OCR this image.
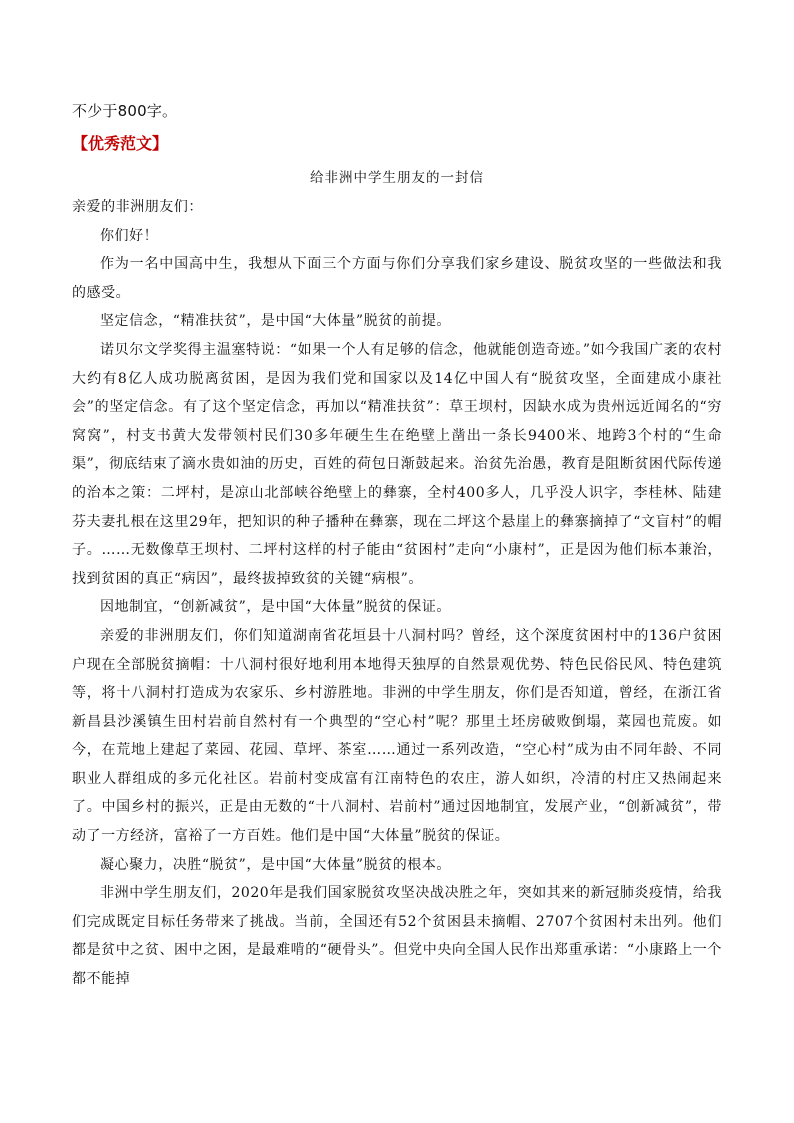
不少于800字。
【优秀范文】
给非洲中学生朋友的一封信

亲爱的非洲朋友们：

你们好！

作为一名中国高中生，我想从下面三个方面与你们分享我们家乡建设、脱贫攻坚的一些做法和我的感受。

坚定信念，“精准扶贫”，是中国“大体量”脱贫的前提。

诺贝尔文学奖得主温塞特说：“如果一个人有足够的信念，他就能创造奇迹。”如今我国广袤的农村大约有8亿人成功脱离贫困，是因为我们党和国家以及14亿中国人有“脱贫攻坚，全面建成小康社会”的坚定信念。有了这个坚定信念，再加以“精准扶贫”：草王坝村，因缺水成为贵州远近闻名的“穷窝窝”，村支书黄大发带领村民们30多年硬生生在绝壁上凿出一条长9400米、地跨3个村的“生命渠”，彻底结束了滴水贵如油的历史，百姓的荷包日渐鼓起来。治贫先治愚，教育是阻断贫困代际传递的治本之策：二坪村，是凉山北部峡谷绝壁上的彝寨，全村400多人，几乎没人识字，李桂林、陆建芬夫妻扎根在这里29年，把知识的种子播种在彝寨，现在二坪这个悬崖上的彝寨摘掉了“文盲村”的帽子。……无数像草王坝村、二坪村这样的村子能由“贫困村”走向“小康村”，正是因为他们标本兼治，找到贫困的真正“病因”，最终拔掉致贫的关键“病根”。

因地制宜，“创新减贫”，是中国“大体量”脱贫的保证。

亲爱的非洲朋友们，你们知道湖南省花垣县十八洞村吗？曾经，这个深度贫困村中的136户贫困户现在全部脱贫摘帽：十八洞村很好地利用本地得天独厚的自然景观优势、特色民俗民风、特色建筑等，将十八洞村打造成为农家乐、乡村游胜地。非洲的中学生朋友，你们是否知道，曾经，在浙江省新昌县沙溪镇生田村岩前自然村有一个典型的“空心村”呢？那里土坯房破败倒塌，菜园也荒废。如今，在荒地上建起了菜园、花园、草坪、茶室……通过一系列改造，“空心村”成为由不同年龄、不同职业人群组成的多元化社区。岩前村变成富有江南特色的农庄，游人如织，冷清的村庄又热闹起来了。中国乡村的振兴，正是由无数的“十八洞村、岩前村”通过因地制宜，发展产业，“创新减贫”，带动了一方经济，富裕了一方百姓。他们是中国“大体量”脱贫的保证。

凝心聚力，决胜“脱贫”，是中国“大体量”脱贫的根本。

非洲中学生朋友们，2020年是我们国家脱贫攻坚决战决胜之年，突如其来的新冠肺炎疫情，给我们完成既定目标任务带来了挑战。当前，全国还有52个贫困县未摘帽、2707个贫困村未出列。他们都是贫中之贫、困中之困，是最难啃的“硬骨头”。但党中央向全国人民作出郑重承诺：“小康路上一个都不能掉
